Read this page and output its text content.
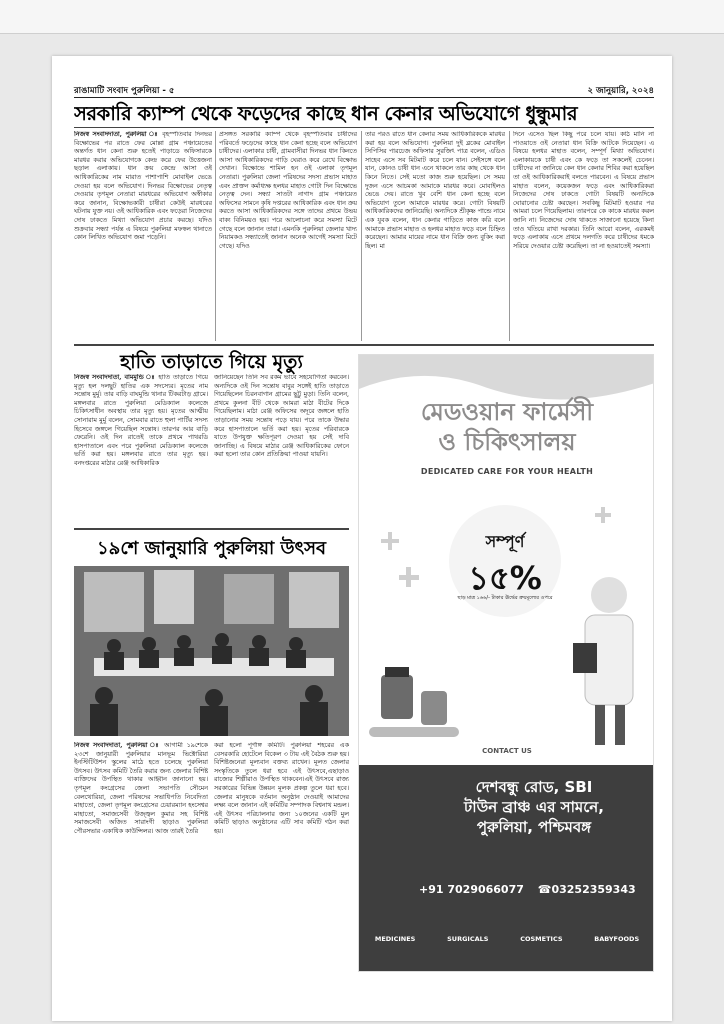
রাঙামাটি সংবাদ পুরুলিয়া - ৫	২ জানুয়ারি, ২০২৪
সরকারি ক্যাম্প থেকে ফড়েদের কাছে ধান কেনার অভিযোগে ধুন্ধুমার
নিজস্ব সংবাদদাতা, পুরুলিয়া ঃ বৃহস্পতিবার দিনভর বিক্ষোভের পর রাতে ফের মোল্লা গ্রাম পঞ্চায়েতের অন্তর্গত ধান কেনা শুরু হতেই পাড়াডে অফিসারকে মারধর করার অভিযোগকে কেন্দ্র করে ফের উত্তেজনা ছড়াল এলাকায়। ধান ক্রয় কেন্দ্রে আসা ওই আধিকারিকের নাম মারাত পাশাপাশি মোবাইল ভেঙে দেওয়া হয় বলে অভিযোগ। দিনভর বিক্ষোভের নেতৃত্ব দেওয়ার তৃণমূল নেতারা মারধরের অভিযোগ অস্বীকার করে জানান, বিক্ষোভকারী চাষীরা কেউই মারধরের ঘটনায় যুক্ত নয়। ওই আধিকারিক এবং ফড়েরা নিজেদের দোষ ঢাকতে মিথ্যা অভিযোগ প্রচার করছে। যদিও শুক্রবার সন্ধ্যা পর্যন্ত এ বিষয়ে পুরুলিয়া মফস্বল থানাতে কোন লিখিত অভিযোগ জমা পড়েনি।
প্রসঙ্গত সরকারি ক্যাম্প থেকে বৃহস্পতিবার চাষীদের পরিবর্তে ফড়েদের কাছে ধান কেনা হচ্ছে বলে অভিযোগ চাষীদের। এলাকার চাষী, গ্রামবাসীরা দিনভর ধান কিনতে আসা আধিকারিকদের গাড়ি ঘেরাও করে রেখে বিক্ষোভ দেখান। বিক্ষোভে শামিল হন ওই এলাকা তৃণমূল নেতারা। পুরুলিয়া জেলা পরিষদের সদস্য প্রভাস মাহাত এবং প্রাক্তন কর্মাধ্যক্ষ হলধর মাহাত গোটা দিন বিক্ষোভে নেতৃত্ব দেন। সন্ধ্যা সাতটা নাগাদ গ্রাম পঞ্চায়েত অফিসের সামনে কৃষি দপ্তরের আধিকারিক এবং ধান ক্রয় করতে আসা আধিকারিকদের সঙ্গে তাদের প্রথমে উভয় বাক্য বিনিময়ও হয়। পরে আলোচনা করে সমস্যা মিটে গেছে বলে জানান তারা। এমনকি পুরুলিয়া জেলার খাদ্য নিয়ামকও সন্ধ্যাতেই জানান অনেক আগেই সমস্যা মিটে গেছে। যদিও
তার পরও রাতে ধান কেনার সময় আধিকারিককে মারধর করা হয় বলে অভিযোগ। পুরুলিয়া দুই ব্লকের মোবাইল সিপিসির পারচেজ অফিসার সুরজিৎ পাত্র বলেন, এডিও সাহেব এসে সব মিটমাট করে চলে যান। সেইসঙ্গে বলে যান, কোনও চাষী ধান এনে থাকলে তার কাছ থেকে ধান কিনে নিতে। সেই মতো কাজ শুরু হয়েছিল। সে সময় দুজন এসে আচমকা আমাকে মারধর করে। মোবাইলও ভেঙে দেয়। রাতে খুব বেশি ধান কেনা হচ্ছে বলে অভিযোগ তুলে আমাকে মারধর করে। গোটা বিষয়টি আধিকারিকদের জানিয়েছি। অন্যদিকে শ্রীকৃষ্ণ পান্ডে নামে এক যুবক বলেন, ধান কেনার গাড়িতে কাজ করি বলে আমাকে প্রভাস মাহাত ও হলধর মাহাত ফড়ে বলে চিহ্নিত করেছেন। আমার মায়ের নামে ধান বিক্রি জন্য বুকিং করা ছিল। মা
দিনে এসেও ছিল কিছু পরে চলে যায়। কাঠ মানি না পাওয়াতে ওই নেতারা ধান বিক্রি আটকে দিয়েছেন। এ বিষয়ে হলধর মাহাত বলেন, সম্পূর্ণ মিথ্যা অভিযোগ। এলাকায়কে চাষী এবং কে ফড়ে তা সকলেই চেনেন। চাষীদের না জানিয়ে কেন ধান কেনার শিবির করা হয়েছিল তা ওই আধিকারিকরাই বলতে পারবেন। এ বিষয়ে প্রভাস মাহাত বলেন, কয়েকজন ফড়ে এবং আধিকারিকরা নিজেদের দোষ ঢাকতে গোটা বিষয়টি অন্যদিকে ঘোরানোর চেষ্টা করছেন। সবকিছু মিটমাট হওয়ার পর আমরা চলে গিয়েছিলাম। তারপরে কে কাকে মারধর করল জানি না। নিজেদের দোষ থাকতে সাজানো হয়েছে কিনা তাও খতিয়ে রাখা দরকার। তিনি আরো বলেন, এরকমই ফড়ে এলাকায় এসে প্রথমে দলগতি করে চাষীদের ধমকে সরিয়ে দেওয়ার চেষ্টা করেছিল। তা না হওয়াতেই সমস্যা।
হাতি তাড়াতে গিয়ে মৃত্যু
নিজস্ব সংবাদদাতা, বামমুন্ডি ঃ হাতি তাড়াতে গিয়ে মৃত্যু হল দলছুট হাতির এক সদস্যের। মৃতের নাম সন্তোষ মুর্মু। তার বাড়ি বাঘমুন্ডি থানার টিকরটাড় গ্রামে। মঙ্গলবার রাতে পুরুলিয়া মেডিক্যাল কলেজে চিকিৎসাধীন অবস্থায় তার মৃত্যু হয়। মৃতের আত্মীয় সোনারাম মুর্মু বলেন, সোমবার রাতে হুলা পার্টির সদস্য হিসেবে জঙ্গলে গিয়েছিল সন্তোষ। তারপর আর বাড়ি ফেরেনি। ওই দিন রাতেই তাকে প্রথমে পাথরডি হাসপাতালে এবং পরে পুরুলিয়া মেডিক্যাল কলেজে ভর্তি করা হয়। মঙ্গলবার রাতে তার মৃত্যু হয়। বনদপ্তরের মাঠার রেঞ্জ আধিকারিক
জানিয়েছেন তিনি সব রকম ভাবে সহযোগিতা করবেন। অন্যদিকে ওই দিন সন্তোষ বাবুর সঙ্গেই হাতি তাড়াতে গিয়েছিলেন চিরনবাগান গ্রামের ছুট্টু মুড়া। তিনি বলেন, প্রথমে কুলনা বীট থেকে আমরা মাঠা বীটের দিকে গিয়েছিলাম। মাঠা রেঞ্জ অফিসের অদূরে জঙ্গলে হাতি তাড়ানোর সময় সন্তোষ পড়ে যায়। পরে তাকে উদ্ধার করে হাসপাতালে ভর্তি করা হয়। মৃতের পরিবারকে যাতে উপযুক্ত ক্ষতিপূরণ দেওয়া হয় সেই দাবি জানাচ্ছি। এ বিষয়ে মাঠার রেঞ্জ আধিকারিকের ফোনে করা হলো তার কোন প্রতিক্রিয়া পাওয়া যায়নি।
১৯শে জানুয়ারি পুরুলিয়া উৎসব
নিজস্ব সংবাদদাতা, পুরুলিয়া ঃ আগামী ১৯শেকে ২৩শে জানুয়ারী পুরুলিয়ার মানভূম ভিক্টোরিয়া ইনস্টিটিউশন স্কুলের মাঠে হতে চলেছে পুরুলিয়া উৎসব। উৎসব কমিটি তৈরি করার জন্য জেলার বিশিষ্ট ব্যক্তিদের উপস্থিত থাকার আহ্বান জানানো হয়। তৃণমূল কংগ্রেসের জেলা সভাপতি সৌমেন বেলথোরিয়া, জেলা পরিষদের সভাধিপতি নিবেদিতা মাহাতো, জেলা তৃণমূল কংগ্রেসের চেয়ারম্যান হংসেশ্বর মাহাতো, সমাজসেবী উজ্জ্বল কুমার সহ বিশিষ্ট সমাজসেবী অজিত সারাংগী ছাড়াও পুরুলিয়া পৌরসভার একাধিক কাউন্সিলর। আজ তারই তৈরি
করা হলো পূর্ণাঙ্গ কমিটি। পুরুলিয়া শহরের এক বেসরকারি হোটেলে বিকেল ৩ টায় এই বৈঠক শুরু হয়। বিশিষ্টজনেরা মূল্যবান বক্তব্য রাখেন। মূলত জেলার সংস্কৃতিকে তুলে ধরা হবে এই উৎসবে,এছাড়াও রাজ্যের শিল্পীরাও উপস্থিত থাকবেন।এই উৎসবে রাজ্য সরকারের বিভিন্ন উন্নয়ন মূলক প্রকল্প তুলে ধরা হবে। জেলার মানুষকে বর্তমান অনুষ্ঠান দেওয়াই আমাদের লক্ষ্য বলে জানান এই কমিটির সম্পাদক বিশ্বনাথ মন্ডল। এই উৎসব পরিচালনার জন্য ১০জনের একটি মুল কমিটি ছাড়াও অনুষ্ঠানের এটি সাব কমিটি গঠন করা হয়।
মেডওয়ান ফার্মেসী
ও চিকিৎসালয়
DEDICATED CARE FOR YOUR HEALTH
সম্পূর্ণ
১৫%
ছাড় মাত্র ১৬৬/- টাকার ঊর্দ্ধের ক্রয়মূল্যের ওপরে
CONTACT US
দেশবন্ধু রোড, SBI
টাউন ব্রাঞ্চ এর সামনে,
পুরুলিয়া, পশ্চিমবঙ্গ
+91 7029066077 ☎03252359343
MEDICINES	SURGICALS	COSMETICS	BABYFOODS
